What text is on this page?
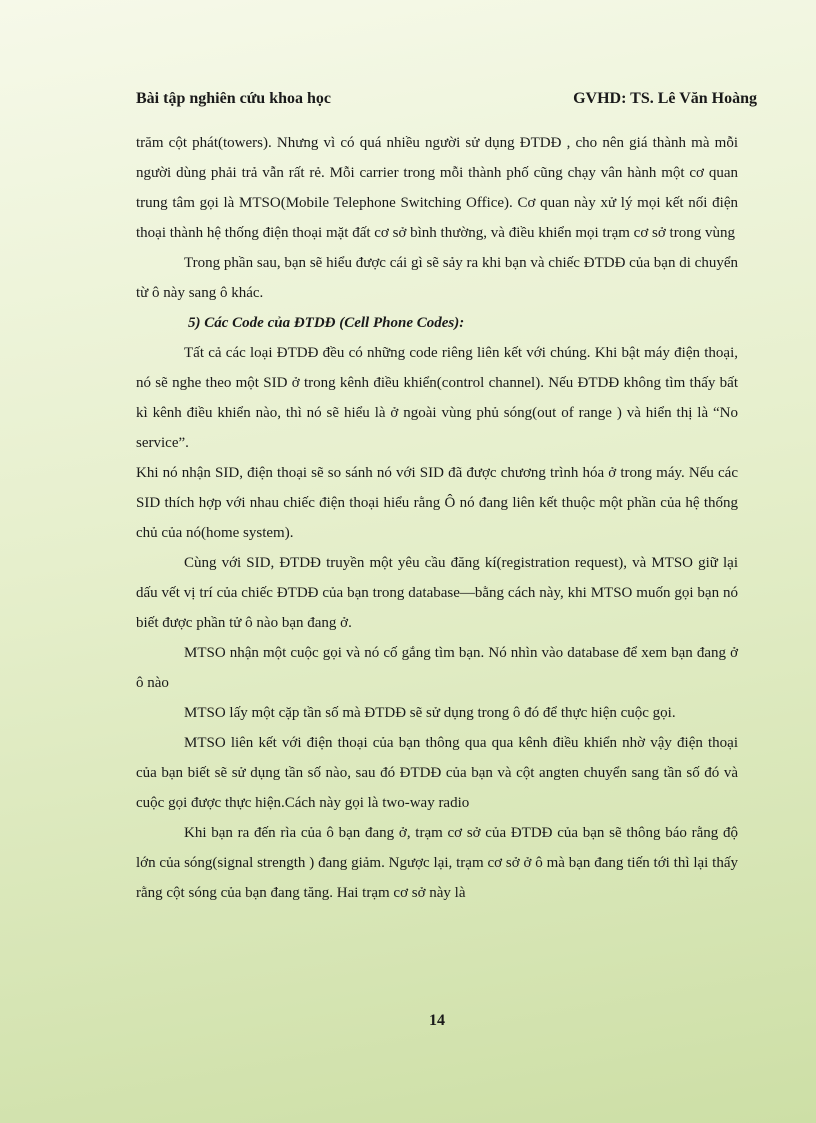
Bài tập nghiên cứu khoa học	GVHD: TS. Lê Văn Hoàng

trăm cột phát(towers). Nhưng vì có quá nhiều người sử dụng ĐTDĐ , cho nên giá thành mà mỗi người dùng phải trả vẫn rất rẻ. Mỗi carrier trong mỗi thành phố cũng chạy vân hành một cơ quan trung tâm gọi là MTSO(Mobile Telephone Switching Office). Cơ quan này xử lý mọi kết nối điện thoại thành hệ thống điện thoại mặt đất cơ sở bình thường, và điều khiển mọi trạm cơ sở trong vùng

Trong phần sau, bạn sẽ hiểu được cái gì sẽ sảy ra khi bạn và chiếc ĐTDĐ của bạn di chuyển từ ô này sang ô khác.

5) Các Code của ĐTDĐ (Cell Phone Codes):

Tất cả các loại ĐTDĐ đều có những code riêng liên kết với chúng. Khi bật máy điện thoại, nó sẽ nghe theo một SID ở trong kênh điều khiển(control channel). Nếu ĐTDĐ không tìm thấy bất kì kênh điều khiển nào, thì nó sẽ hiểu là ở ngoài vùng phủ sóng(out of range ) và hiển thị là “No service”.

Khi nó nhận SID, điện thoại sẽ so sánh nó với SID đã được chương trình hóa ở trong máy. Nếu các SID thích hợp với nhau chiếc điện thoại hiểu rằng Ô nó đang liên kết thuộc một phần của hệ thống chủ của nó(home system).

Cùng với SID, ĐTDĐ truyền một yêu cầu đăng kí(registration request), và MTSO giữ lại dấu vết vị trí của chiếc ĐTDĐ của bạn trong database—bằng cách này, khi MTSO muốn gọi bạn nó biết được phần tử ô nào bạn đang ở.

MTSO nhận một cuộc gọi và nó cố gắng tìm bạn. Nó nhìn vào database để xem bạn đang ở ô nào

MTSO lấy một cặp tần số mà ĐTDĐ sẽ sử dụng trong ô đó để thực hiện cuộc gọi.

MTSO liên kết với điện thoại của bạn thông qua qua kênh điều khiển nhờ vậy điện thoại của bạn biết sẽ sử dụng tần số nào, sau đó ĐTDĐ của bạn và cột angten chuyển sang tần số đó và cuộc gọi được thực hiện.Cách này gọi là two-way radio

Khi bạn ra đến rìa của ô bạn đang ở, trạm cơ sở của ĐTDĐ của bạn sẽ thông báo rằng độ lớn của sóng(signal strength ) đang giảm. Ngược lại, trạm cơ sở ở ô mà bạn đang tiến tới thì lại thấy rằng cột sóng của bạn đang tăng. Hai trạm cơ sở này là

14
